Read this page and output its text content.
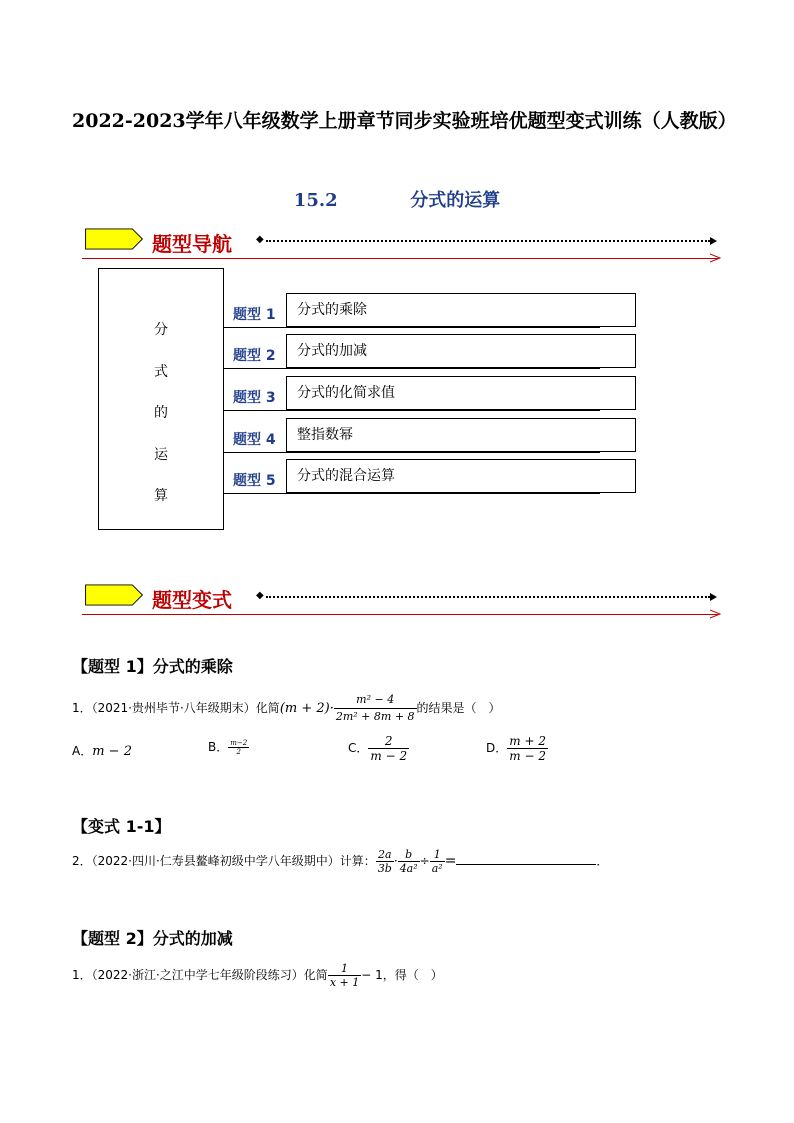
2022-2023学年八年级数学上册章节同步实验班培优题型变式训练（人教版）
15.2	分式的运算
题型导航 ◆
分
式
的
运
算
题型 1	分式的乘除
题型 2	分式的加减
题型 3	分式的化简求值
题型 4	整指数幂
题型 5	分式的混合运算
题型变式 ◆
【题型 1】分式的乘除
1．（2021·贵州毕节·八年级期末）化简$(m + 2)\cdot \frac{\text{m² − 4}}{\text{2m² + 8m + 8}}$ 的结果是（　）
A．m − 2	B． $\frac{m-2}{2}$	C． $\frac{2}{m - 2}$	D． $\frac{m + 2}{m - 2}$
【变式 1-1】
2．（2022·四川·仁寿县鳌峰初级中学八年级期中）计算： $\frac{2a}{3b} \cdot \frac{b}{\text{4a²}} \div \frac{1}{\text{a²}}$ =	．
【题型 2】分式的加减
1．（2022·浙江·之江中学七年级阶段练习）化简 $\frac{1}{x + 1} - 1$，得（　）
